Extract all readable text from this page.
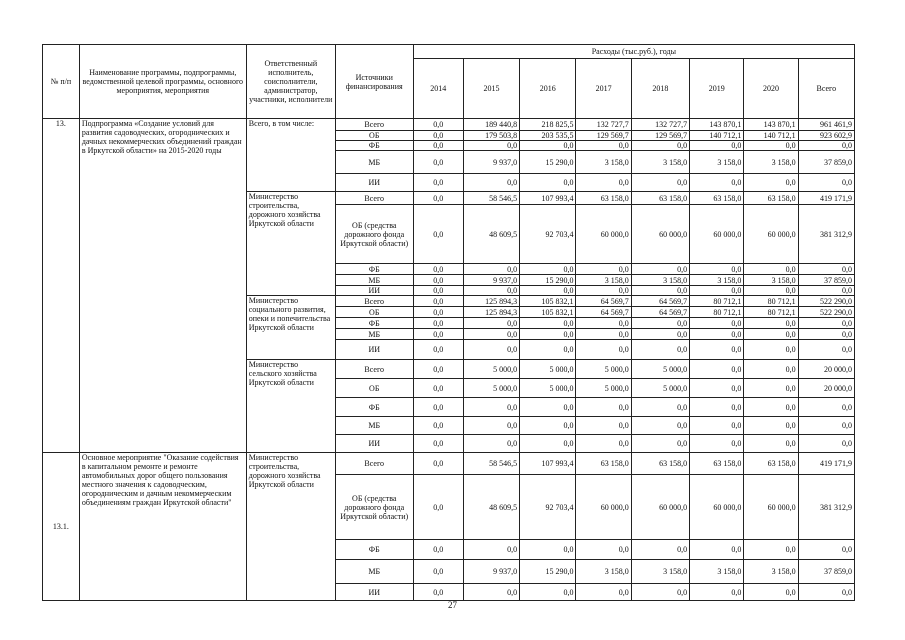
№ п/п	Наименование программы, подпрограммы, ведомственной целевой программы, основного мероприятия, мероприятия	Ответственный исполнитель, соисполнители, администратор, участники, исполнители	Источники финансирования	Расходы (тыс.руб.), годы							
				2014	2015	2016	2017	2018	2019	2020	Всего
13.	Подпрограмма «Создание условий для развития садоводческих, огороднических и дачных некоммерческих объединений граждан в Иркутской области» на 2015-2020 годы	Всего, в том числе:	Всего	0,0	189 440,8	218 825,5	132 727,7	132 727,7	143 870,1	143 870,1	961 461,9
			ОБ	0,0	179 503,8	203 535,5	129 569,7	129 569,7	140 712,1	140 712,1	923 602,9
			ФБ	0,0	0,0	0,0	0,0	0,0	0,0	0,0	0,0
			МБ	0,0	9 937,0	15 290,0	3 158,0	3 158,0	3 158,0	3 158,0	37 859,0
			ИИ	0,0	0,0	0,0	0,0	0,0	0,0	0,0	0,0
		Министерство строительства, дорожного хозяйства Иркутской области	Всего	0,0	58 546,5	107 993,4	63 158,0	63 158,0	63 158,0	63 158,0	419 171,9
			ОБ (средства дорожного фонда Иркутской области)	0,0	48 609,5	92 703,4	60 000,0	60 000,0	60 000,0	60 000,0	381 312,9
			ФБ	0,0	0,0	0,0	0,0	0,0	0,0	0,0	0,0
			МБ	0,0	9 937,0	15 290,0	3 158,0	3 158,0	3 158,0	3 158,0	37 859,0
			ИИ	0,0	0,0	0,0	0,0	0,0	0,0	0,0	0,0
		Министерство социального развития, опеки и попечительства Иркутской области	Всего	0,0	125 894,3	105 832,1	64 569,7	64 569,7	80 712,1	80 712,1	522 290,0
			ОБ	0,0	125 894,3	105 832,1	64 569,7	64 569,7	80 712,1	80 712,1	522 290,0
			ФБ	0,0	0,0	0,0	0,0	0,0	0,0	0,0	0,0
			МБ	0,0	0,0	0,0	0,0	0,0	0,0	0,0	0,0
			ИИ	0,0	0,0	0,0	0,0	0,0	0,0	0,0	0,0
		Министерство сельского хозяйства Иркутской области	Всего	0,0	5 000,0	5 000,0	5 000,0	5 000,0	0,0	0,0	20 000,0
			ОБ	0,0	5 000,0	5 000,0	5 000,0	5 000,0	0,0	0,0	20 000,0
			ФБ	0,0	0,0	0,0	0,0	0,0	0,0	0,0	0,0
			МБ	0,0	0,0	0,0	0,0	0,0	0,0	0,0	0,0
			ИИ	0,0	0,0	0,0	0,0	0,0	0,0	0,0	0,0
13.1.	Основное мероприятие "Оказание содействия в капитальном ремонте и ремонте автомобильных дорог общего пользования местного значения к садоводческим, огородническим и дачным некоммерческим объединениям граждан Иркутской области"	Министерство строительства, дорожного хозяйства Иркутской области	Всего	0,0	58 546,5	107 993,4	63 158,0	63 158,0	63 158,0	63 158,0	419 171,9
			ОБ (средства дорожного фонда Иркутской области)	0,0	48 609,5	92 703,4	60 000,0	60 000,0	60 000,0	60 000,0	381 312,9
			ФБ	0,0	0,0	0,0	0,0	0,0	0,0	0,0	0,0
			МБ	0,0	9 937,0	15 290,0	3 158,0	3 158,0	3 158,0	3 158,0	37 859,0
			ИИ	0,0	0,0	0,0	0,0	0,0	0,0	0,0	0,0
27
